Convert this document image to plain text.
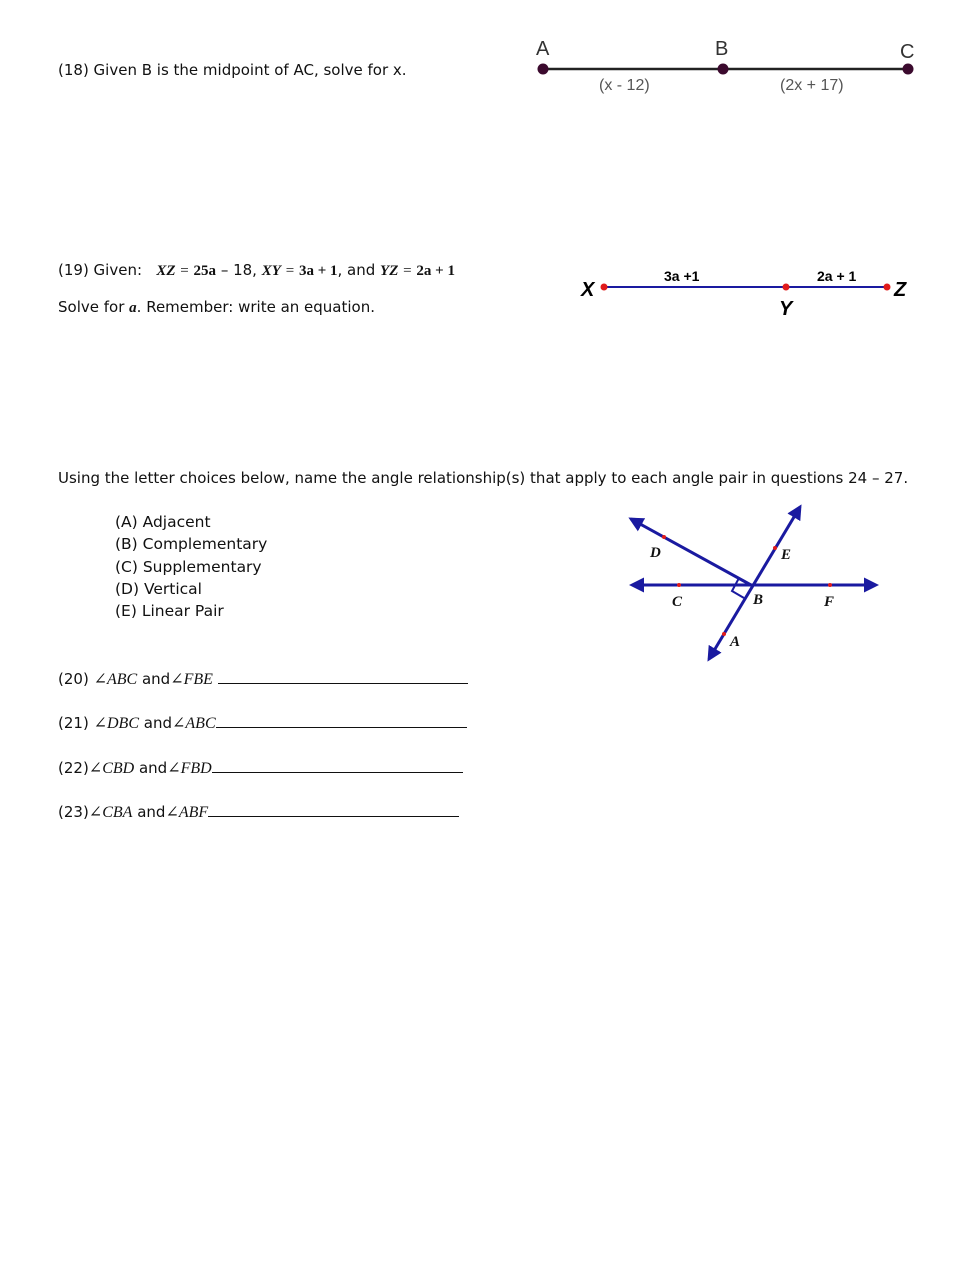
(18) Given B is the midpoint of AC, solve for x.
A	B	C
(x - 12)	(2x + 17)
(19) Given: XZ = 25a – 18, XY = 3a + 1, and YZ = 2a + 1
Solve for a. Remember: write an equation.
X
Y
Z
3a +1	2a + 1
Using the letter choices below, name the angle relationship(s) that apply to each angle pair in questions 24 – 27.
(A) Adjacent
(B) Complementary
(C) Supplementary
(D) Vertical
(E) Linear Pair
D	E
C	B	F
A
(20) ∠ABC and∠FBE
(21) ∠DBC and∠ABC
(22)∠CBD and∠FBD
(23)∠CBA and∠ABF
